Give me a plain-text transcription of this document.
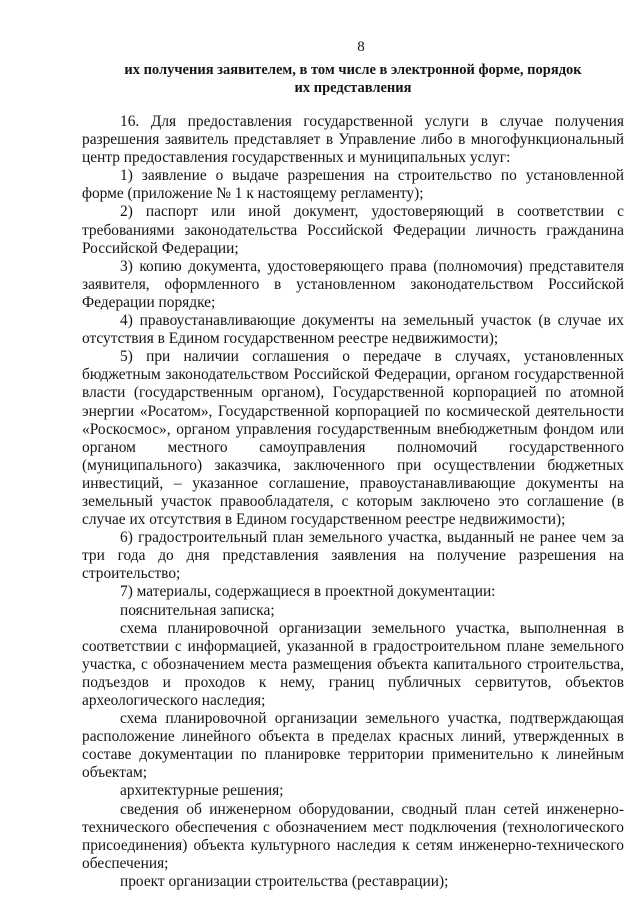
8
их получения заявителем, в том числе в электронной форме, порядок
их представления

16. Для предоставления государственной услуги в случае получения разрешения заявитель представляет в Управление либо в многофункциональный центр предоставления государственных и муниципальных услуг:

1) заявление о выдаче разрешения на строительство по установленной форме (приложение № 1 к настоящему регламенту);

2) паспорт или иной документ, удостоверяющий в соответствии с требованиями законодательства Российской Федерации личность гражданина Российской Федерации;

3) копию документа, удостоверяющего права (полномочия) представителя заявителя, оформленного в установленном законодательством Российской Федерации порядке;

4) правоустанавливающие документы на земельный участок (в случае их отсутствия в Едином государственном реестре недвижимости);

5) при наличии соглашения о передаче в случаях, установленных бюджетным законодательством Российской Федерации, органом государственной власти (государственным органом), Государственной корпорацией по атомной энергии «Росатом», Государственной корпорацией по космической деятельности «Роскосмос», органом управления государственным внебюджетным фондом или органом местного самоуправления полномочий государственного (муниципального) заказчика, заключенного при осуществлении бюджетных инвестиций, – указанное соглашение, правоустанавливающие документы на земельный участок правообладателя, с которым заключено это соглашение (в случае их отсутствия в Едином государственном реестре недвижимости);

6) градостроительный план земельного участка, выданный не ранее чем за три года до дня представления заявления на получение разрешения на строительство;

7) материалы, содержащиеся в проектной документации:

пояснительная записка;

схема планировочной организации земельного участка, выполненная в соответствии с информацией, указанной в градостроительном плане земельного участка, с обозначением места размещения объекта капитального строительства, подъездов и проходов к нему, границ публичных сервитутов, объектов археологического наследия;

схема планировочной организации земельного участка, подтверждающая расположение линейного объекта в пределах красных линий, утвержденных в составе документации по планировке территории применительно к линейным объектам;

архитектурные решения;

сведения об инженерном оборудовании, сводный план сетей инженерно-технического обеспечения с обозначением мест подключения (технологического присоединения) объекта культурного наследия к сетям инженерно-технического обеспечения;

проект организации строительства (реставрации);
